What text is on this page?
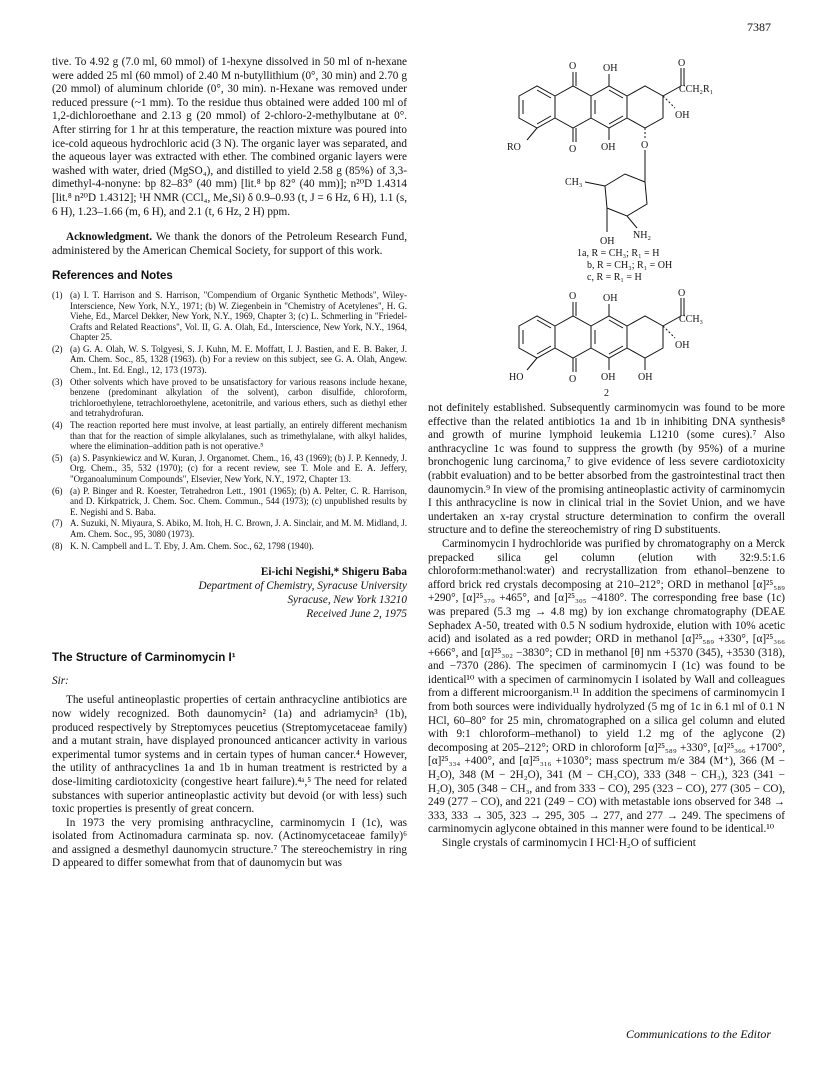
7387

tive. To 4.92 g (7.0 ml, 60 mmol) of 1-hexyne dissolved in 50 ml of n-hexane were added 25 ml (60 mmol) of 2.40 M n-butyllithium (0°, 30 min) and 2.70 g (20 mmol) of aluminum chloride (0°, 30 min). n-Hexane was removed under reduced pressure (~1 mm). To the residue thus obtained were added 100 ml of 1,2-dichloroethane and 2.13 g (20 mmol) of 2-chloro-2-methylbutane at 0°. After stirring for 1 hr at this temperature, the reaction mixture was poured into ice-cold aqueous hydrochloric acid (3 N). The organic layer was separated, and the aqueous layer was extracted with ether. The combined organic layers were washed with water, dried (MgSO₄), and distilled to yield 2.58 g (85%) of 3,3-dimethyl-4-nonyne: bp 82–83° (40 mm) [lit.⁸ bp 82° (40 mm)]; n²⁰D 1.4314 [lit.⁸ n²⁰D 1.4312]; ¹H NMR (CCl₄, Me₄Si) δ 0.9–0.93 (t, J = 6 Hz, 6 H), 1.1 (s, 6 H), 1.23–1.66 (m, 6 H), and 2.1 (t, 6 Hz, 2 H) ppm.

Acknowledgment. We thank the donors of the Petroleum Research Fund, administered by the American Chemical Society, for support of this work.

References and Notes
(1) (a) I. T. Harrison and S. Harrison, "Compendium of Organic Synthetic Methods", Wiley-Interscience, New York, N.Y., 1971; (b) W. Ziegenbein in "Chemistry of Acetylenes", H. G. Viehe, Ed., Marcel Dekker, New York, N.Y., 1969, Chapter 3; (c) L. Schmerling in "Friedel-Crafts and Related Reactions", Vol. II, G. A. Olah, Ed., Interscience, New York, N.Y., 1964, Chapter 25.
(2) (a) G. A. Olah, W. S. Tolgyesi, S. J. Kuhn, M. E. Moffatt, I. J. Bastien, and E. B. Baker, J. Am. Chem. Soc., 85, 1328 (1963). (b) For a review on this subject, see G. A. Olah, Angew. Chem., Int. Ed. Engl., 12, 173 (1973).
(3) Other solvents which have proved to be unsatisfactory for various reasons include hexane, benzene (predominant alkylation of the solvent), carbon disulfide, chloroform, trichloroethylene, tetrachloroethylene, acetonitrile, and various ethers, such as diethyl ether and tetrahydrofuran.
(4) The reaction reported here must involve, at least partially, an entirely different mechanism than that for the reaction of simple alkylalanes, such as trimethylalane, with alkyl halides, where the elimination–addition path is not operative.⁵
(5) (a) S. Pasynkiewicz and W. Kuran, J. Organomet. Chem., 16, 43 (1969); (b) J. P. Kennedy, J. Org. Chem., 35, 532 (1970); (c) for a recent review, see T. Mole and E. A. Jeffery, "Organoaluminum Compounds", Elsevier, New York, N.Y., 1972, Chapter 13.
(6) (a) P. Binger and R. Koester, Tetrahedron Lett., 1901 (1965); (b) A. Pelter, C. R. Harrison, and D. Kirkpatrick, J. Chem. Soc. Chem. Commun., 544 (1973); (c) unpublished results by E. Negishi and S. Baba.
(7) A. Suzuki, N. Miyaura, S. Abiko, M. Itoh, H. C. Brown, J. A. Sinclair, and M. M. Midland, J. Am. Chem. Soc., 95, 3080 (1973).
(8) K. N. Campbell and L. T. Eby, J. Am. Chem. Soc., 62, 1798 (1940).
Ei-ichi Negishi,* Shigeru Baba
Department of Chemistry, Syracuse University
Syracuse, New York 13210
Received June 2, 1975
The Structure of Carminomycin I¹
Sir:

The useful antineoplastic properties of certain anthracycline antibiotics are now widely recognized. Both daunomycin² (1a) and adriamycin³ (1b), produced respectively by Streptomyces peucetius (Streptomycetaceae family) and a mutant strain, have displayed pronounced anticancer activity in various experimental tumor systems and in certain types of human cancer.⁴ However, the utility of anthracyclines 1a and 1b in human treatment is restricted by a dose-limiting cardiotoxicity (congestive heart failure).⁴ᵃ,⁵ The need for related substances with superior antineoplastic activity but devoid (or with less) such toxic properties is presently of great concern.

In 1973 the very promising anthracycline, carminomycin I (1c), was isolated from Actinomadura carminata sp. nov. (Actinomycetaceae family)⁶ and assigned a desmethyl daunomycin structure.⁷ The stereochemistry in ring D appeared to differ somewhat from that of daunomycin but was

O	OH	O
CCH₂R₁
OH
RO	O OH	O
CH₃
NH₂
OH
1a, R = CH₃; R₁ = H
b, R = CH₃; R₁ = OH
c, R = R₁ = H
O	OH	O
CCH₃
OH
HO	O OH OH
2

not definitely established. Subsequently carminomycin was found to be more effective than the related antibiotics 1a and 1b in inhibiting DNA synthesis⁸ and growth of murine lymphoid leukemia L1210 (some cures).⁷ Also anthracycline 1c was found to suppress the growth (by 95%) of a murine bronchogenic lung carcinoma,⁷ to give evidence of less severe cardiotoxicity (rabbit evaluation) and to be better absorbed from the gastrointestinal tract then daunomycin.⁹ In view of the promising antineoplastic activity of carminomycin I this anthracycline is now in clinical trial in the Soviet Union, and we have undertaken an x-ray crystal structure determination to confirm the overall structure and to define the stereochemistry of ring D substituents.

Carminomycin I hydrochloride was purified by chromatography on a Merck prepacked silica gel column (elution with 32:9.5:1.6 chloroform:methanol:water) and recrystallization from ethanol–benzene to afford brick red crystals decomposing at 210–212°; ORD in methanol [α]²⁵₅₈₉ +290°, [α]²⁵₃₇₀ +465°, and [α]²⁵₃₀₅ −4180°. The corresponding free base (1c) was prepared (5.3 mg → 4.8 mg) by ion exchange chromatography (DEAE Sephadex A-50, treated with 0.5 N sodium hydroxide, elution with 10% acetic acid) and isolated as a red powder; ORD in methanol [α]²⁵₅₈₉ +330°, [α]²⁵₃₆₆ +666°, and [α]²⁵₃₀₂ −3830°; CD in methanol [θ] nm +5370 (345), +3530 (318), and −7370 (286). The specimen of carminomycin I (1c) was found to be identical¹⁰ with a specimen of carminomycin I isolated by Wall and colleagues from a different microorganism.¹¹ In addition the specimens of carminomycin I from both sources were individually hydrolyzed (5 mg of 1c in 6.1 ml of 0.1 N HCl, 60–80° for 25 min, chromatographed on a silica gel column and eluted with 9:1 chloroform–methanol) to yield 1.2 mg of the aglycone (2) decomposing at 205–212°; ORD in chloroform [α]²⁵₅₈₉ +330°, [α]²⁵₃₆₆ +1700°, [α]²⁵₃₃₄ +400°, and [α]²⁵₃₁₆ +1030°; mass spectrum m/e 384 (M⁺), 366 (M − H₂O), 348 (M − 2H₂O), 341 (M − CH₃CO), 333 (348 − CH₃), 323 (341 − H₂O), 305 (348 − CH₃, and from 333 − CO), 295 (323 − CO), 277 (305 − CO), 249 (277 − CO), and 221 (249 − CO) with metastable ions observed for 348 → 333, 333 → 305, 323 → 295, 305 → 277, and 277 → 249. The specimens of carminomycin aglycone obtained in this manner were found to be identical.¹⁰

Single crystals of carminomycin I HCl·H₂O of sufficient

Communications to the Editor
